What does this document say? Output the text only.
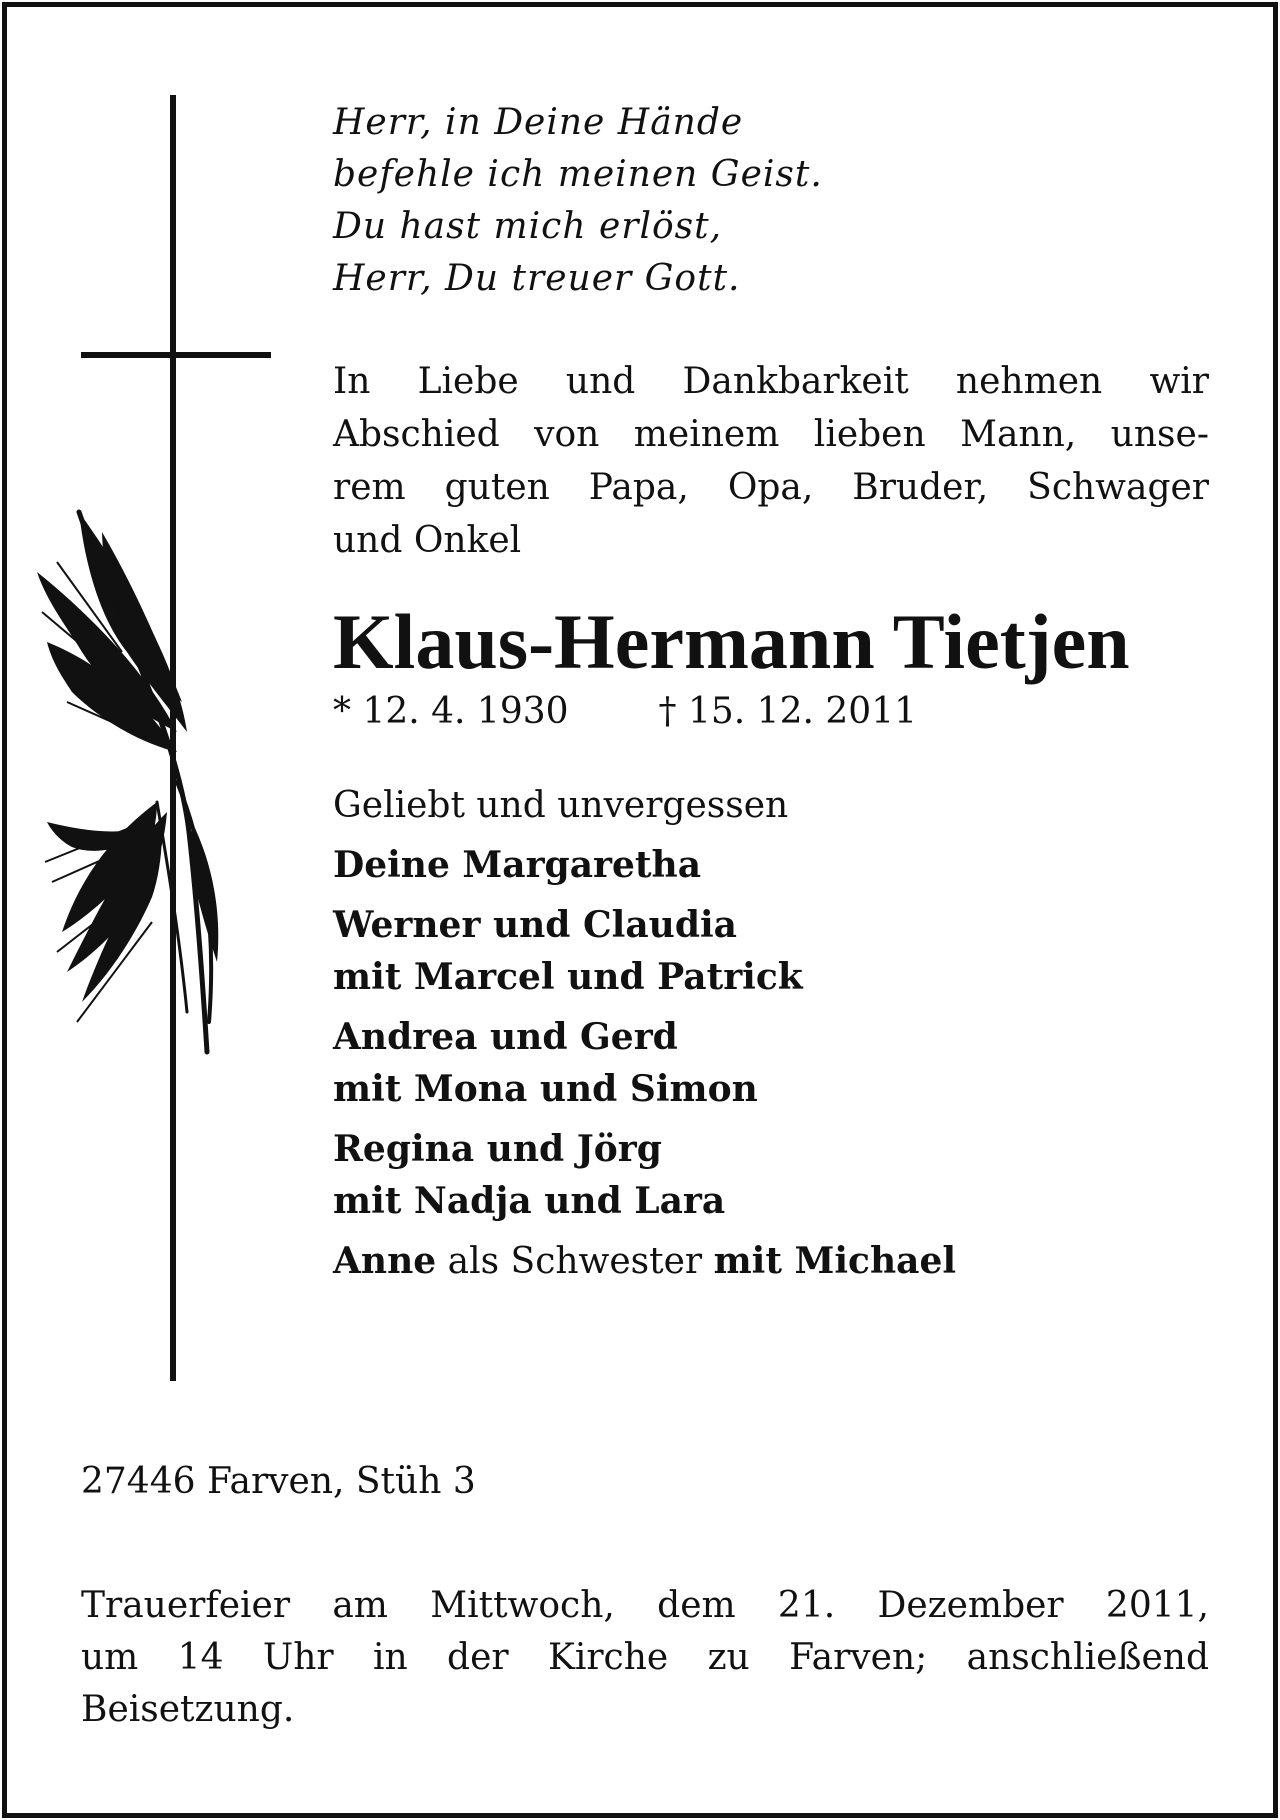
Herr, in Deine Hände
befehle ich meinen Geist.
Du hast mich erlöst,
Herr, Du treuer Gott.
In Liebe und Dankbarkeit nehmen wir
Abschied von meinem lieben Mann, unse-
rem guten Papa, Opa, Bruder, Schwager
und Onkel
Klaus-Hermann Tietjen
* 12. 4. 1930	† 15. 12. 2011
Geliebt und unvergessen
Deine Margaretha
Werner und Claudia
mit Marcel und Patrick
Andrea und Gerd
mit Mona und Simon
Regina und Jörg
mit Nadja und Lara
Anne als Schwester mit Michael
27446 Farven, Stüh 3
Trauerfeier am Mittwoch, dem 21. Dezember 2011,
um 14 Uhr in der Kirche zu Farven; anschließend
Beisetzung.
